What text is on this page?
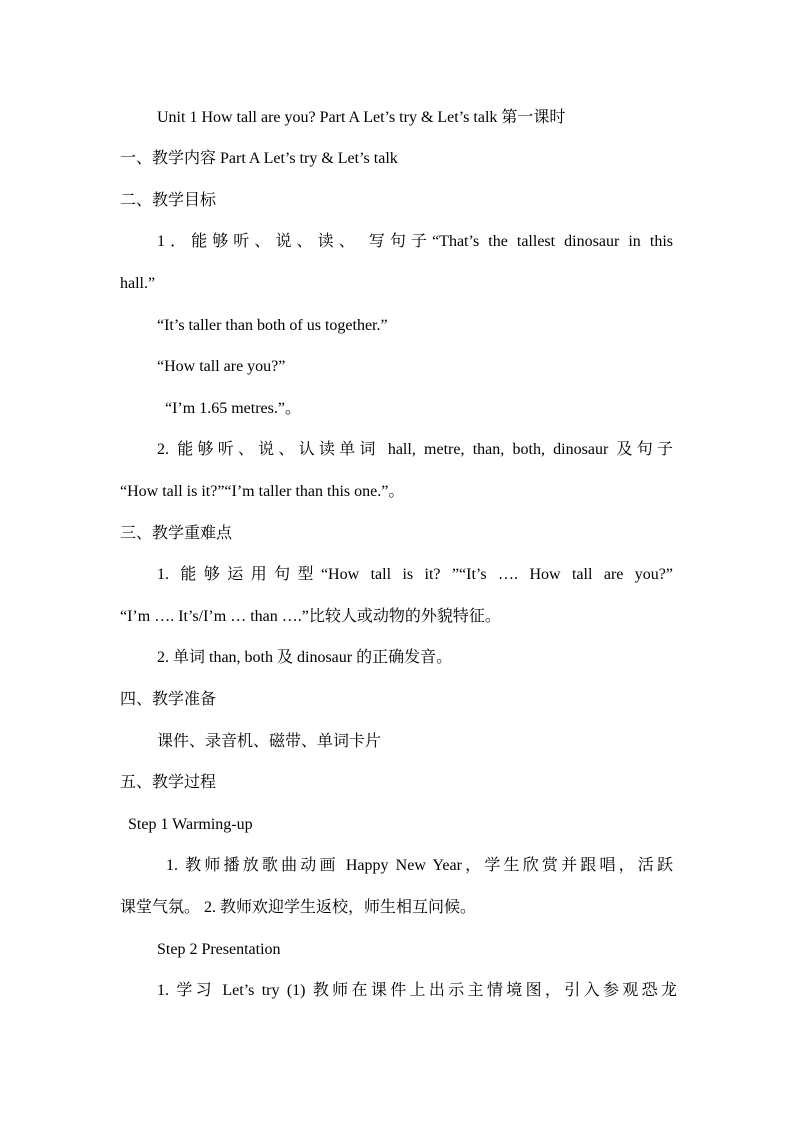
Unit 1 How tall are you? Part A Let’s try & Let’s talk 第一课时
一、教学内容 Part A Let’s try & Let’s talk
二、教学目标
1．能够听、说、读、 写句子“That’s the tallest dinosaur in this
hall.”
“It’s taller than both of us together.”
“How tall are you?”
“I’m 1.65 metres.”。
2. 能够听、说、认读单词 hall, metre, than, both, dinosaur 及句子
“How tall is it?”“I’m taller than this one.”。
三、教学重难点
1. 能够运用句型“How tall is it? ”“It’s …. How tall are you?”
“I’m …. It’s/I’m … than ….”比较人或动物的外貌特征。
2. 单词 than, both 及 dinosaur 的正确发音。
四、教学准备
课件、录音机、磁带、单词卡片
五、教学过程
Step 1 Warming-up
1. 教师播放歌曲动画 Happy New Year，学生欣赏并跟唱，活跃
课堂气氛。 2. 教师欢迎学生返校，师生相互问候。
Step 2 Presentation
1. 学习 Let’s try (1) 教师在课件上出示主情境图，引入参观恐龙
